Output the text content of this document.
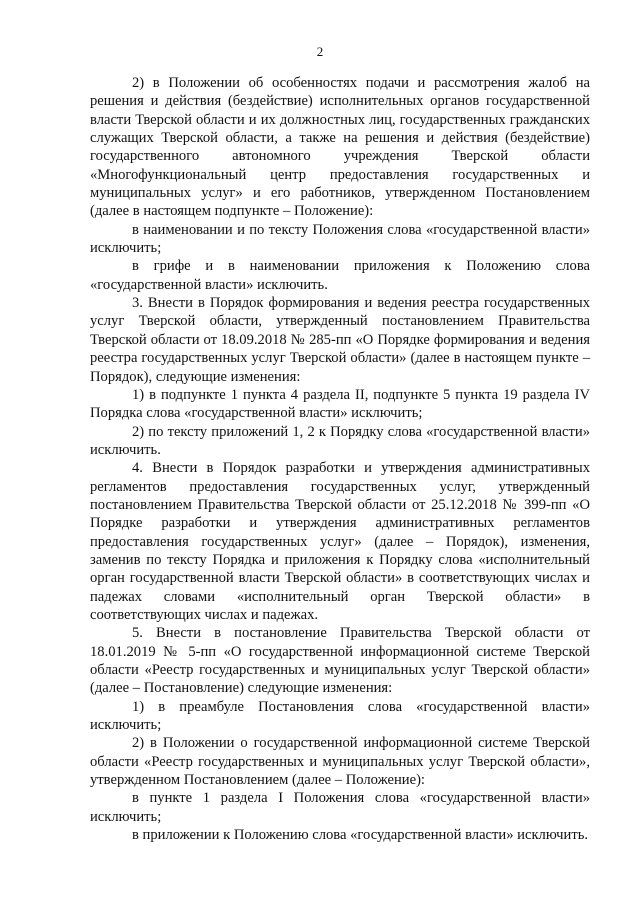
2

2) в Положении об особенностях подачи и рассмотрения жалоб на решения и действия (бездействие) исполнительных органов государственной власти Тверской области и их должностных лиц, государственных гражданских служащих Тверской области, а также на решения и действия (бездействие) государственного автономного учреждения Тверской области «Многофункциональный центр предоставления государственных и муниципальных услуг» и его работников, утвержденном Постановлением (далее в настоящем подпункте – Положение):

в наименовании и по тексту Положения слова «государственной власти» исключить;

в грифе и в наименовании приложения к Положению слова «государственной власти» исключить.

3. Внести в Порядок формирования и ведения реестра государственных услуг Тверской области, утвержденный постановлением Правительства Тверской области от 18.09.2018 № 285-пп «О Порядке формирования и ведения реестра государственных услуг Тверской области» (далее в настоящем пункте – Порядок), следующие изменения:

1) в подпункте 1 пункта 4 раздела II, подпункте 5 пункта 19 раздела IV Порядка слова «государственной власти» исключить;

2) по тексту приложений 1, 2 к Порядку слова «государственной власти» исключить.

4. Внести в Порядок разработки и утверждения административных регламентов предоставления государственных услуг, утвержденный постановлением Правительства Тверской области от 25.12.2018 № 399-пп «О Порядке разработки и утверждения административных регламентов предоставления государственных услуг» (далее – Порядок), изменения, заменив по тексту Порядка и приложения к Порядку слова «исполнительный орган государственной власти Тверской области» в соответствующих числах и падежах словами «исполнительный орган Тверской области» в соответствующих числах и падежах.

5. Внести в постановление Правительства Тверской области от 18.01.2019 № 5-пп «О государственной информационной системе Тверской области «Реестр государственных и муниципальных услуг Тверской области» (далее – Постановление) следующие изменения:

1) в преамбуле Постановления слова «государственной власти» исключить;

2) в Положении о государственной информационной системе Тверской области «Реестр государственных и муниципальных услуг Тверской области», утвержденном Постановлением (далее – Положение):

в пункте 1 раздела I Положения слова «государственной власти» исключить;

в приложении к Положению слова «государственной власти» исключить.
